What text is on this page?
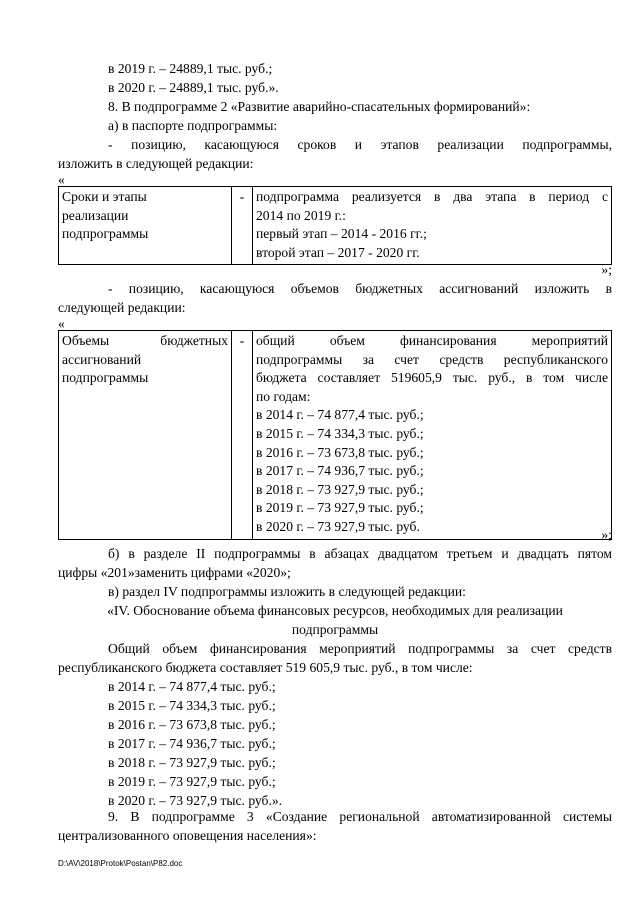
в 2019 г. – 24889,1 тыс. руб.;
в 2020 г. – 24889,1 тыс. руб.».
8. В подпрограмме 2 «Развитие аварийно-спасательных формирований»:
а) в паспорте подпрограммы:
- позицию, касающуюся сроков и этапов реализации подпрограммы,
изложить в следующей редакции:
«
Сроки и этапы
реализации
подпрограммы
	-	подпрограмма реализуется в два этапа в период с
2014 по 2019 г.:
первый этап – 2014 - 2016 гг.;
второй этап – 2017 - 2020 гг.
»;
- позицию, касающуюся объемов бюджетных ассигнований изложить в
следующей редакции:
«
Объемы бюджетных
ассигнований
подпрограммы
	-	общий объем финансирования мероприятий
подпрограммы за счет средств республиканского
бюджета составляет 519605,9 тыс. руб., в том числе
по годам:
в 2014 г. – 74 877,4 тыс. руб.;
в 2015 г. – 74 334,3 тыс. руб.;
в 2016 г. – 73 673,8 тыс. руб.;
в 2017 г. – 74 936,7 тыс. руб.;
в 2018 г. – 73 927,9 тыс. руб.;
в 2019 г. – 73 927,9 тыс. руб.;
в 2020 г. – 73 927,9 тыс. руб.
»;
б) в разделе II подпрограммы в абзацах двадцатом третьем и двадцать пятом
цифры «201»заменить цифрами «2020»;
в) раздел IV подпрограммы изложить в следующей редакции:
«IV. Обоснование объема финансовых ресурсов, необходимых для реализации
подпрограммы
Общий объем финансирования мероприятий подпрограммы за счет средств
республиканского бюджета составляет 519 605,9 тыс. руб., в том числе:
в 2014 г. – 74 877,4 тыс. руб.;
в 2015 г. – 74 334,3 тыс. руб.;
в 2016 г. – 73 673,8 тыс. руб.;
в 2017 г. – 74 936,7 тыс. руб.;
в 2018 г. – 73 927,9 тыс. руб.;
в 2019 г. – 73 927,9 тыс. руб.;
в 2020 г. – 73 927,9 тыс. руб.».
9. В подпрограмме 3 «Создание региональной автоматизированной системы
централизованного оповещения населения»:
D:\AV\2018\Protok\Postan\P82.doc
